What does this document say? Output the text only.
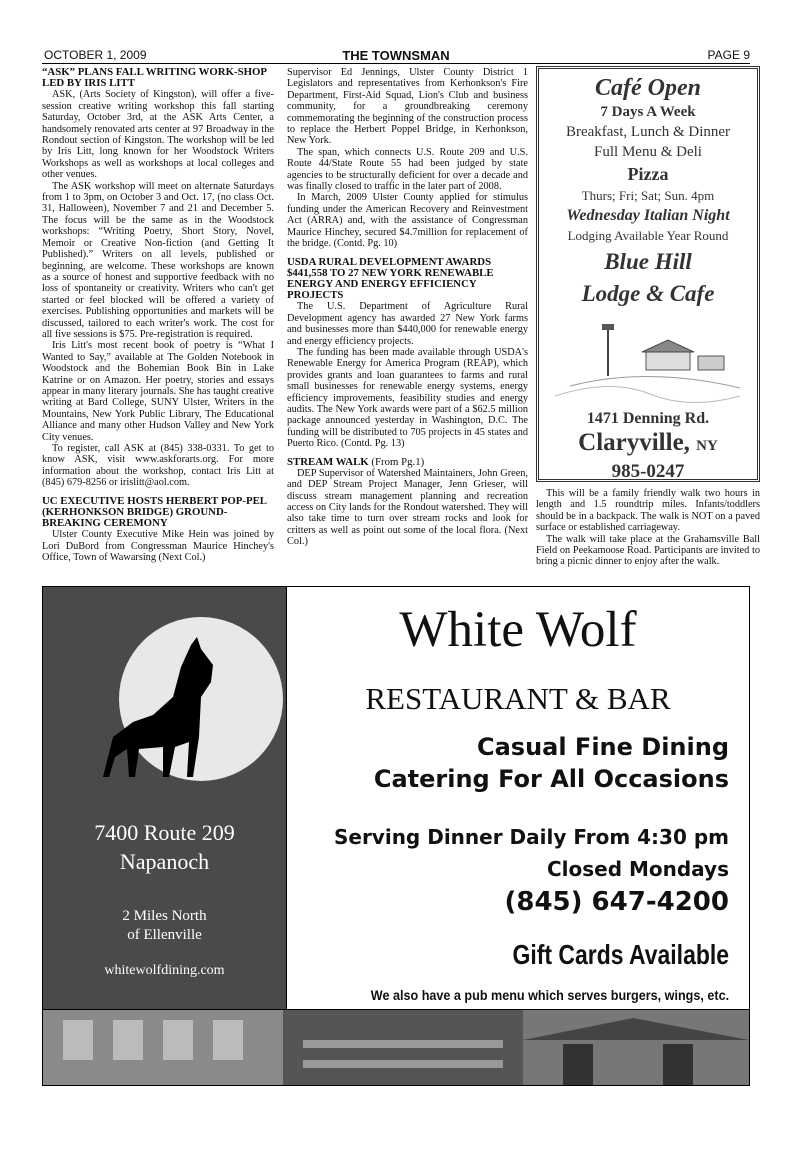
OCTOBER 1, 2009	THE TOWNSMAN	PAGE 9
“ASK” PLANS FALL WRITING WORK-SHOP LED BY IRIS LITT

ASK, (Arts Society of Kingston), will offer a five-session creative writing workshop this fall starting Saturday, October 3rd, at the ASK Arts Center, a handsomely renovated arts center at 97 Broadway in the Rondout section of Kingston. The workshop will be led by Iris Litt, long known for her Woodstock Writers Workshops as well as workshops at local colleges and other venues.

The ASK workshop will meet on alternate Saturdays from 1 to 3pm, on October 3 and Oct. 17, (no class Oct. 31, Halloween), November 7 and 21 and December 5. The focus will be the same as in the Woodstock workshops: “Writing Poetry, Short Story, Novel, Memoir or Creative Non-fiction (and Getting It Published).” Writers on all levels, published or beginning, are welcome. These workshops are known as a source of honest and supportive feedback with no loss of spontaneity or creativity. Writers who can't get started or feel blocked will be offered a variety of exercises. Publishing opportunities and markets will be discussed, tailored to each writer's work. The cost for all five sessions is $75. Pre-registration is required.

Iris Litt's most recent book of poetry is “What I Wanted to Say,” available at The Golden Notebook in Woodstock and the Bohemian Book Bin in Lake Katrine or on Amazon. Her poetry, stories and essays appear in many literary journals. She has taught creative writing at Bard College, SUNY Ulster, Writers in the Mountains, New York Public Library, The Educational Alliance and many other Hudson Valley and New York City venues.

To register, call ASK at (845) 338-0331. To get to know ASK, visit www.askforarts.org. For more information about the workshop, contact Iris Litt at (845) 679-8256 or irislitt@aol.com.

UC EXECUTIVE HOSTS HERBERT POP-PEL (KERHONKSON BRIDGE) GROUND-BREAKING CEREMONY

Ulster County Executive Mike Hein was joined by Lori DuBord from Congressman Maurice Hinchey's Office, Town of Wawarsing (Next Col.)

Supervisor Ed Jennings, Ulster County District 1 Legislators and representatives from Kerhonkson's Fire Department, First-Aid Squad, Lion's Club and business community, for a groundbreaking ceremony commemorating the beginning of the construction process to replace the Herbert Poppel Bridge, in Kerhonkson, New York.

The span, which connects U.S. Route 209 and U.S. Route 44/State Route 55 had been judged by state agencies to be structurally deficient for over a decade and was finally closed to traffic in the later part of 2008.

In March, 2009 Ulster County applied for stimulus funding under the American Recovery and Reinvestment Act (ARRA) and, with the assistance of Congressman Maurice Hinchey, secured $4.7million for replacement of the bridge. (Contd. Pg. 10)

USDA RURAL DEVELOPMENT AWARDS $441,558 TO 27 NEW YORK RENEWABLE ENERGY AND ENERGY EFFICIENCY PROJECTS

The U.S. Department of Agriculture Rural Development agency has awarded 27 New York farms and businesses more than $440,000 for renewable energy and energy efficiency projects.

The funding has been made available through USDA's Renewable Energy for America Program (REAP), which provides grants and loan guarantees to farms and rural small businesses for renewable energy systems, energy efficiency improvements, feasibility studies and energy audits. The New York awards were part of a $62.5 million package announced yesterday in Washington, D.C. The funding will be distributed to 705 projects in 45 states and Puerto Rico. (Contd. Pg. 13)

STREAM WALK (From Pg.1)

DEP Supervisor of Watershed Maintainers, John Green, and DEP Stream Project Manager, Jenn Grieser, will discuss stream management planning and recreation access on City lands for the Rondout watershed. They will also take time to turn over stream rocks and look for critters as well as point out some of the local flora. (Next Col.)

Café Open
7 Days A Week
Breakfast, Lunch & Dinner
Full Menu & Deli
Pizza
Thurs; Fri; Sat; Sun. 4pm
Wednesday Italian Night
Lodging Available Year Round
Blue Hill
Lodge & Cafe
1471 Denning Rd.
Claryville, NY
985-0247

This will be a family friendly walk two hours in length and 1.5 roundtrip miles. Infants/toddlers should be in a backpack. The walk is NOT on a paved surface or established carriageway.

The walk will take place at the Grahamsville Ball Field on Peekamoose Road. Participants are invited to bring a picnic dinner to enjoy after the walk.

7400 Route 209
Napanoch
2 Miles North
of Ellenville
whitewolfdining.com
White Wolf
RESTAURANT & BAR
Casual Fine Dining
Catering For All Occasions
Serving Dinner Daily From 4:30 pm
Closed Mondays
(845) 647-4200
Gift Cards Available
We also have a pub menu which serves burgers, wings, etc.
